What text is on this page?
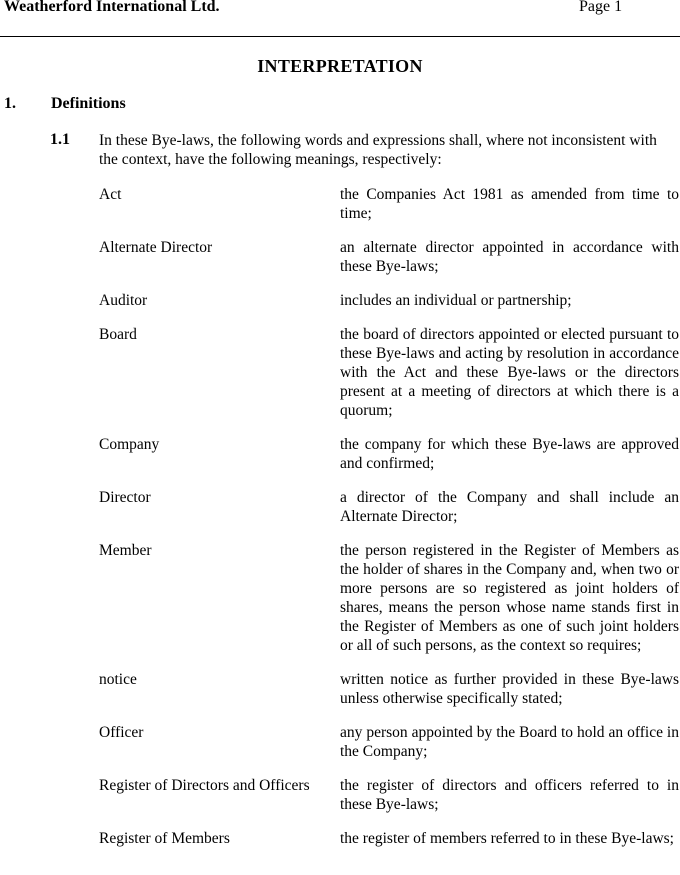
Weatherford International Ltd.	Page 1
INTERPRETATION
1. Definitions
1.1 In these Bye-laws, the following words and expressions shall, where not inconsistent with the context, have the following meanings, respectively:
Act	the Companies Act 1981 as amended from time to time;
Alternate Director	an alternate director appointed in accordance with these Bye-laws;
Auditor	includes an individual or partnership;
Board	the board of directors appointed or elected pursuant to these Bye-laws and acting by resolution in accordance with the Act and these Bye-laws or the directors present at a meeting of directors at which there is a quorum;
Company	the company for which these Bye-laws are approved and confirmed;
Director	a director of the Company and shall include an Alternate Director;
Member	the person registered in the Register of Members as the holder of shares in the Company and, when two or more persons are so registered as joint holders of shares, means the person whose name stands first in the Register of Members as one of such joint holders or all of such persons, as the context so requires;
notice	written notice as further provided in these Bye-laws unless otherwise specifically stated;
Officer	any person appointed by the Board to hold an office in the Company;
Register of Directors and Officers	the register of directors and officers referred to in these Bye-laws;
Register of Members	the register of members referred to in these Bye-laws;
